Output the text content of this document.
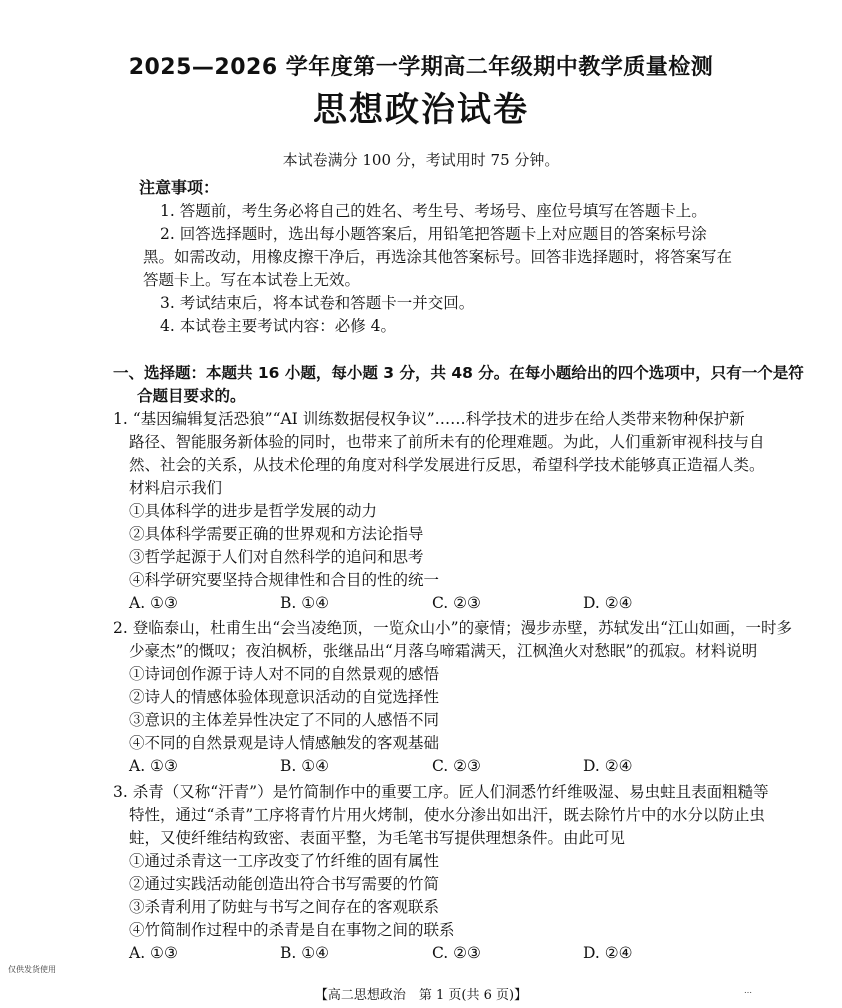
2025—2026 学年度第一学期高二年级期中教学质量检测
思想政治试卷
本试卷满分 100 分，考试用时 75 分钟。
注意事项：
1. 答题前，考生务必将自己的姓名、考生号、考场号、座位号填写在答题卡上。
2. 回答选择题时，选出每小题答案后，用铅笔把答题卡上对应题目的答案标号涂
黑。如需改动，用橡皮擦干净后，再选涂其他答案标号。回答非选择题时，将答案写在
答题卡上。写在本试卷上无效。
3. 考试结束后，将本试卷和答题卡一并交回。
4. 本试卷主要考试内容：必修 4。
一、选择题：本题共 16 小题，每小题 3 分，共 48 分。在每小题给出的四个选项中，只有一个是符
合题目要求的。
1. “基因编辑复活恐狼”“AI 训练数据侵权争议”……科学技术的进步在给人类带来物种保护新
路径、智能服务新体验的同时，也带来了前所未有的伦理难题。为此，人们重新审视科技与自
然、社会的关系，从技术伦理的角度对科学发展进行反思，希望科学技术能够真正造福人类。
材料启示我们
①具体科学的进步是哲学发展的动力
②具体科学需要正确的世界观和方法论指导
③哲学起源于人们对自然科学的追问和思考
④科学研究要坚持合规律性和合目的性的统一
A. ①③	B. ①④	C. ②③	D. ②④
2. 登临泰山，杜甫生出“会当凌绝顶，一览众山小”的豪情；漫步赤壁，苏轼发出“江山如画，一时多
少豪杰”的慨叹；夜泊枫桥，张继品出“月落乌啼霜满天，江枫渔火对愁眠”的孤寂。材料说明
①诗词创作源于诗人对不同的自然景观的感悟
②诗人的情感体验体现意识活动的自觉选择性
③意识的主体差异性决定了不同的人感悟不同
④不同的自然景观是诗人情感触发的客观基础
A. ①③	B. ①④	C. ②③	D. ②④
3. 杀青（又称“汗青”）是竹简制作中的重要工序。匠人们洞悉竹纤维吸湿、易虫蛀且表面粗糙等
特性，通过“杀青”工序将青竹片用火烤制，使水分渗出如出汗，既去除竹片中的水分以防止虫
蛀，又使纤维结构致密、表面平整，为毛笔书写提供理想条件。由此可见
①通过杀青这一工序改变了竹纤维的固有属性
②通过实践活动能创造出符合书写需要的竹简
③杀青利用了防蛀与书写之间存在的客观联系
④竹简制作过程中的杀青是自在事物之间的联系
A. ①③	B. ①④	C. ②③	D. ②④
仅供发货使用
【高二思想政治　第 1 页(共 6 页)】	…
